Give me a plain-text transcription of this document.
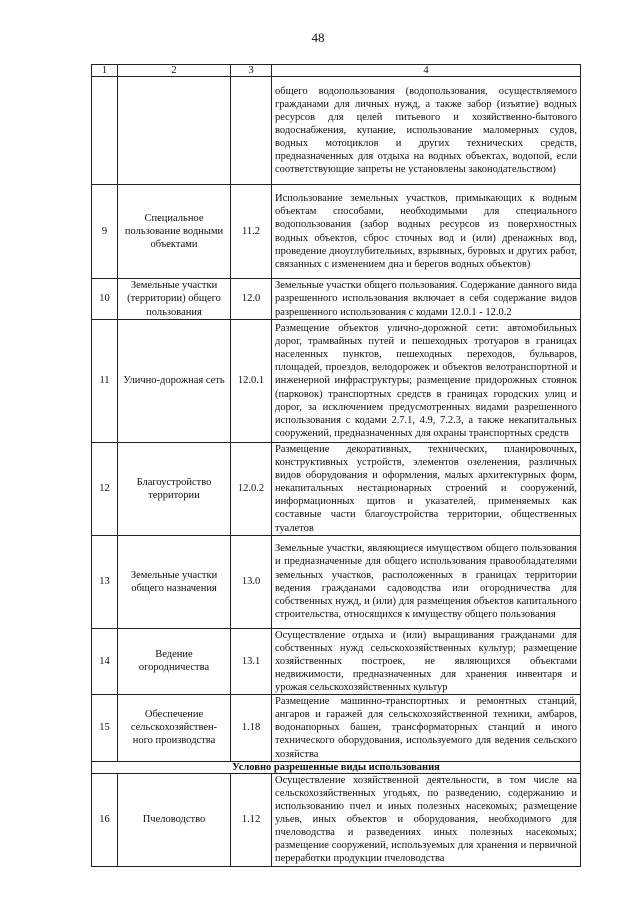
48
1	2	3	4
			общего водопользования (водопользования, осуществляемого гражданами для личных нужд, а также забор (изъятие) водных ресурсов для целей питьевого и хозяйственно-бытового водоснабжения, купание, использование маломерных судов, водных мотоциклов и других технических средств, предназначенных для отдыха на водных объектах, водопой, если соответствующие запреты не установлены законодательством)
9	Специальное пользование водными объектами	11.2	Использование земельных участков, примыкающих к водным объектам способами, необходимыми для специального водопользования (забор водных ресурсов из поверхностных водных объектов, сброс сточных вод и (или) дренажных вод, проведение дноуглубительных, взрывных, буровых и других работ, связанных с изменением дна и берегов водных объектов)
10	Земельные участки (территории) общего пользования	12.0	Земельные участки общего пользования. Содержание данного вида разрешенного использования включает в себя содержание видов разрешенного использования с кодами 12.0.1 - 12.0.2
11	Улично-дорожная сеть	12.0.1	Размещение объектов улично-дорожной сети: автомобильных дорог, трамвайных путей и пешеходных тротуаров в границах населенных пунктов, пешеходных переходов, бульваров, площадей, проездов, велодорожек и объектов велотранспортной и инженерной инфраструктуры; размещение придорожных стоянок (парковок) транспортных средств в границах городских улиц и дорог, за исключением предусмотренных видами разрешенного использования с кодами 2.7.1, 4.9, 7.2.3, а также некапитальных сооружений, предназначенных для охраны транспортных средств
12	Благоустройство территории	12.0.2	Размещение декоративных, технических, планировочных, конструктивных устройств, элементов озеленения, различных видов оборудования и оформления, малых архитектурных форм, некапитальных нестационарных строений и сооружений, информационных щитов и указателей, применяемых как составные части благоустройства территории, общественных туалетов
13	Земельные участки общего назначения	13.0	Земельные участки, являющиеся имуществом общего пользования и предназначенные для общего использования правообладателями земельных участков, расположенных в границах территории ведения гражданами садоводства или огородничества для собственных нужд, и (или) для размещения объектов капитального строительства, относящихся к имуществу общего пользования
14	Ведение огородничества	13.1	Осуществление отдыха и (или) выращивания гражданами для собственных нужд сельскохозяйственных культур; размещение хозяйственных построек, не являющихся объектами недвижимости, предназначенных для хранения инвентаря и урожая сельскохозяйственных культур
15	Обеспечение сельскохозяйствен-ного производства	1.18	Размещение машинно-транспортных и ремонтных станций, ангаров и гаражей для сельскохозяйственной техники, амбаров, водонапорных башен, трансформаторных станций и иного технического оборудования, используемого для ведения сельского хозяйства
Условно разрешенные виды использования			
16	Пчеловодство	1.12	Осуществление хозяйственной деятельности, в том числе на сельскохозяйственных угодьях, по разведению, содержанию и использованию пчел и иных полезных насекомых; размещение ульев, иных объектов и оборудования, необходимого для пчеловодства и разведениях иных полезных насекомых; размещение сооружений, используемых для хранения и первичной переработки продукции пчеловодства
